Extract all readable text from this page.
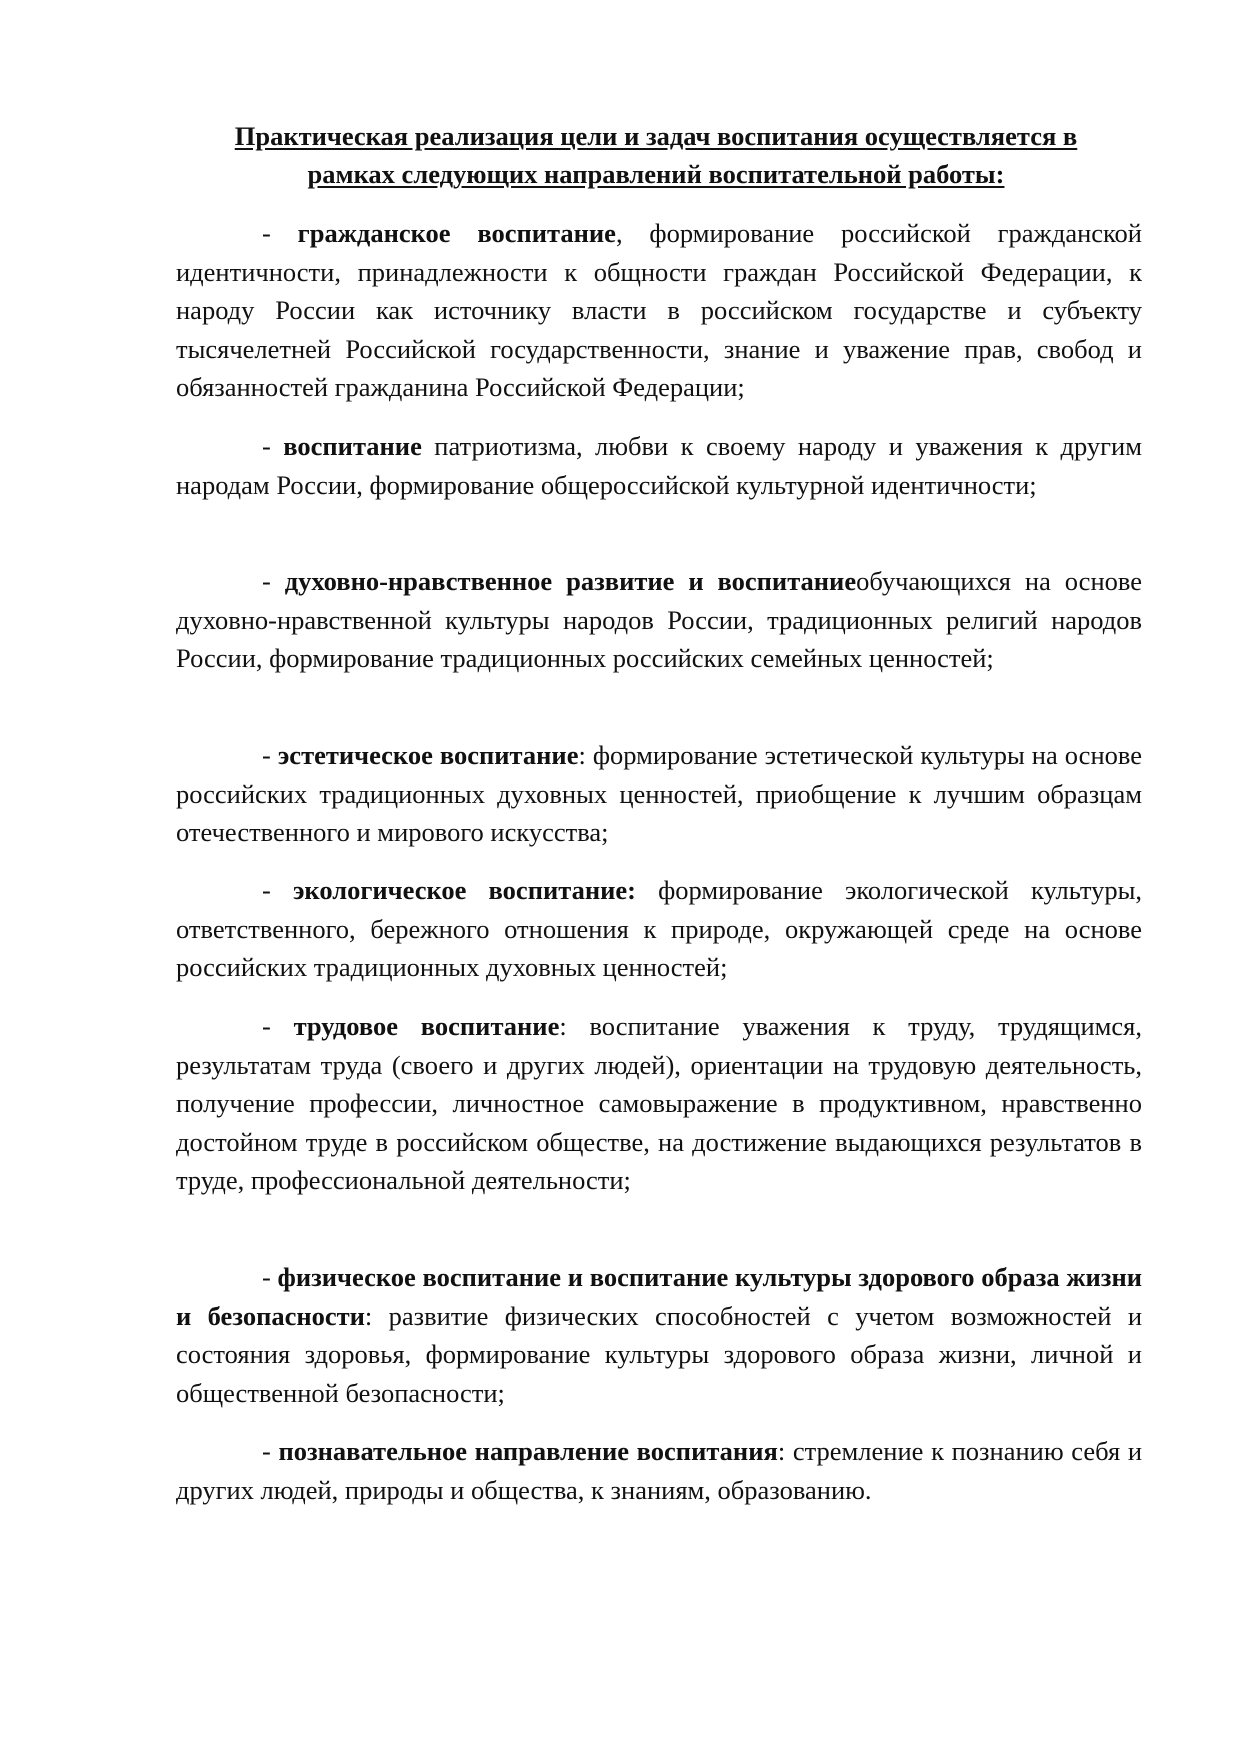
Практическая реализация цели и задач воспитания осуществляется в
рамках следующих направлений воспитательной работы:

- гражданское воспитание, формирование российской гражданской идентичности, принадлежности к общности граждан Российской Федерации, к народу России как источнику власти в российском государстве и субъекту тысячелетней Российской государственности, знание и уважение прав, свобод и обязанностей гражданина Российской Федерации;

- воспитание патриотизма, любви к своему народу и уважения к другим народам России, формирование общероссийской культурной идентичности;

- духовно-нравственное развитие и воспитаниеобучающихся на основе духовно-нравственной культуры народов России, традиционных религий народов России, формирование традиционных российских семейных ценностей;

- эстетическое воспитание: формирование эстетической культуры на основе российских традиционных духовных ценностей, приобщение к лучшим образцам отечественного и мирового искусства;

- экологическое воспитание: формирование экологической культуры, ответственного, бережного отношения к природе, окружающей среде на основе российских традиционных духовных ценностей;

- трудовое воспитание: воспитание уважения к труду, трудящимся, результатам труда (своего и других людей), ориентации на трудовую деятельность, получение профессии, личностное самовыражение в продуктивном, нравственно достойном труде в российском обществе, на достижение выдающихся результатов в труде, профессиональной деятельности;

- физическое воспитание и воспитание культуры здорового образа жизни и безопасности: развитие физических способностей с учетом возможностей и состояния здоровья, формирование культуры здорового образа жизни, личной и общественной безопасности;

- познавательное направление воспитания: стремление к познанию себя и других людей, природы и общества, к знаниям, образованию.
